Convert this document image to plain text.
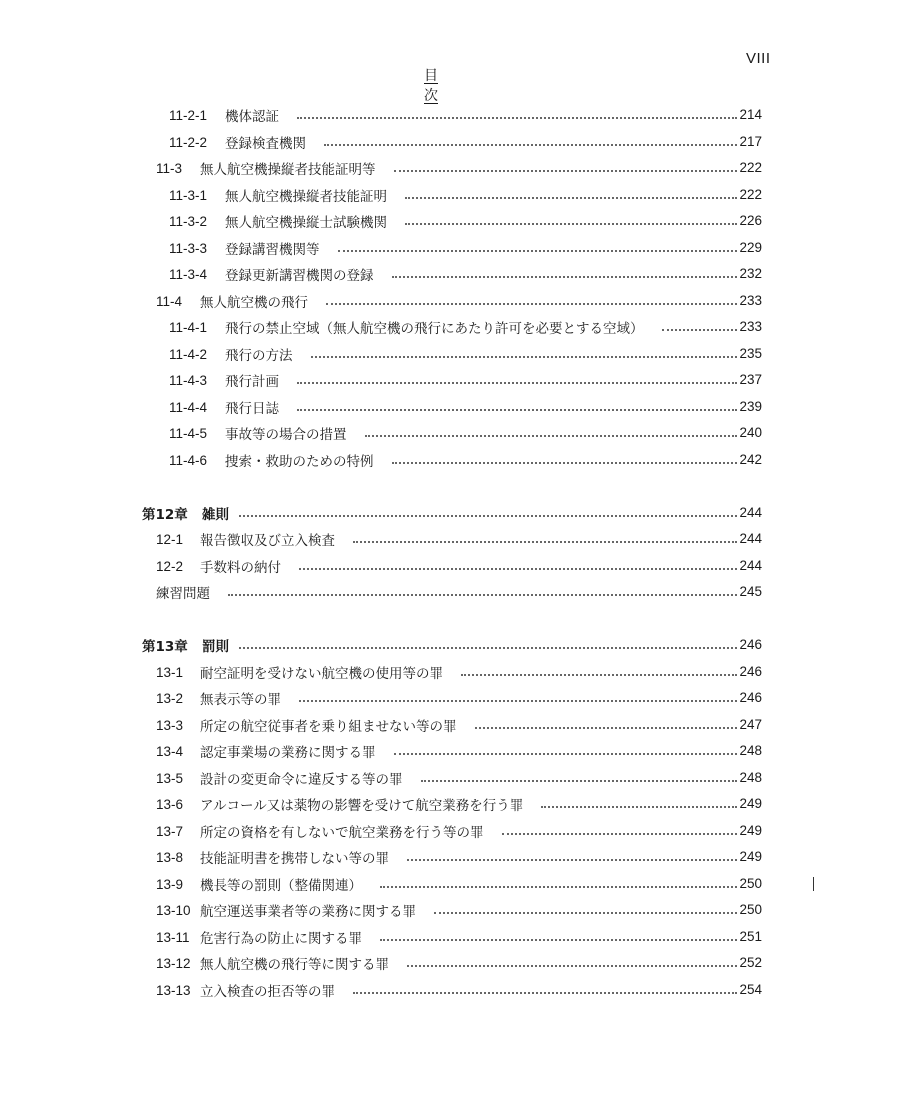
VIII
目 次
11-2-1	機体認証	214
11-2-2	登録検査機関	217
11-3	無人航空機操縦者技能証明等	222
11-3-1	無人航空機操縦者技能証明	222
11-3-2	無人航空機操縦士試験機関	226
11-3-3	登録講習機関等	229
11-3-4	登録更新講習機関の登録	232
11-4	無人航空機の飛行	233
11-4-1	飛行の禁止空域（無人航空機の飛行にあたり許可を必要とする空域）	233
11-4-2	飛行の方法	235
11-4-3	飛行計画	237
11-4-4	飛行日誌	239
11-4-5	事故等の場合の措置	240
11-4-6	捜索・救助のための特例	242
第12章	雑則	244
12-1	報告徴収及び立入検査	244
12-2	手数料の納付	244
練習問題	245
第13章	罰則	246
13-1	耐空証明を受けない航空機の使用等の罪	246
13-2	無表示等の罪	246
13-3	所定の航空従事者を乗り組ませない等の罪	247
13-4	認定事業場の業務に関する罪	248
13-5	設計の変更命令に違反する等の罪	248
13-6	アルコール又は薬物の影響を受けて航空業務を行う罪	249
13-7	所定の資格を有しないで航空業務を行う等の罪	249
13-8	技能証明書を携帯しない等の罪	249
13-9	機長等の罰則（整備関連）	250
13-10 航空運送事業者等の業務に関する罪	250
13-11 危害行為の防止に関する罪	251
13-12 無人航空機の飛行等に関する罪	252
13-13 立入検査の拒否等の罪	254
